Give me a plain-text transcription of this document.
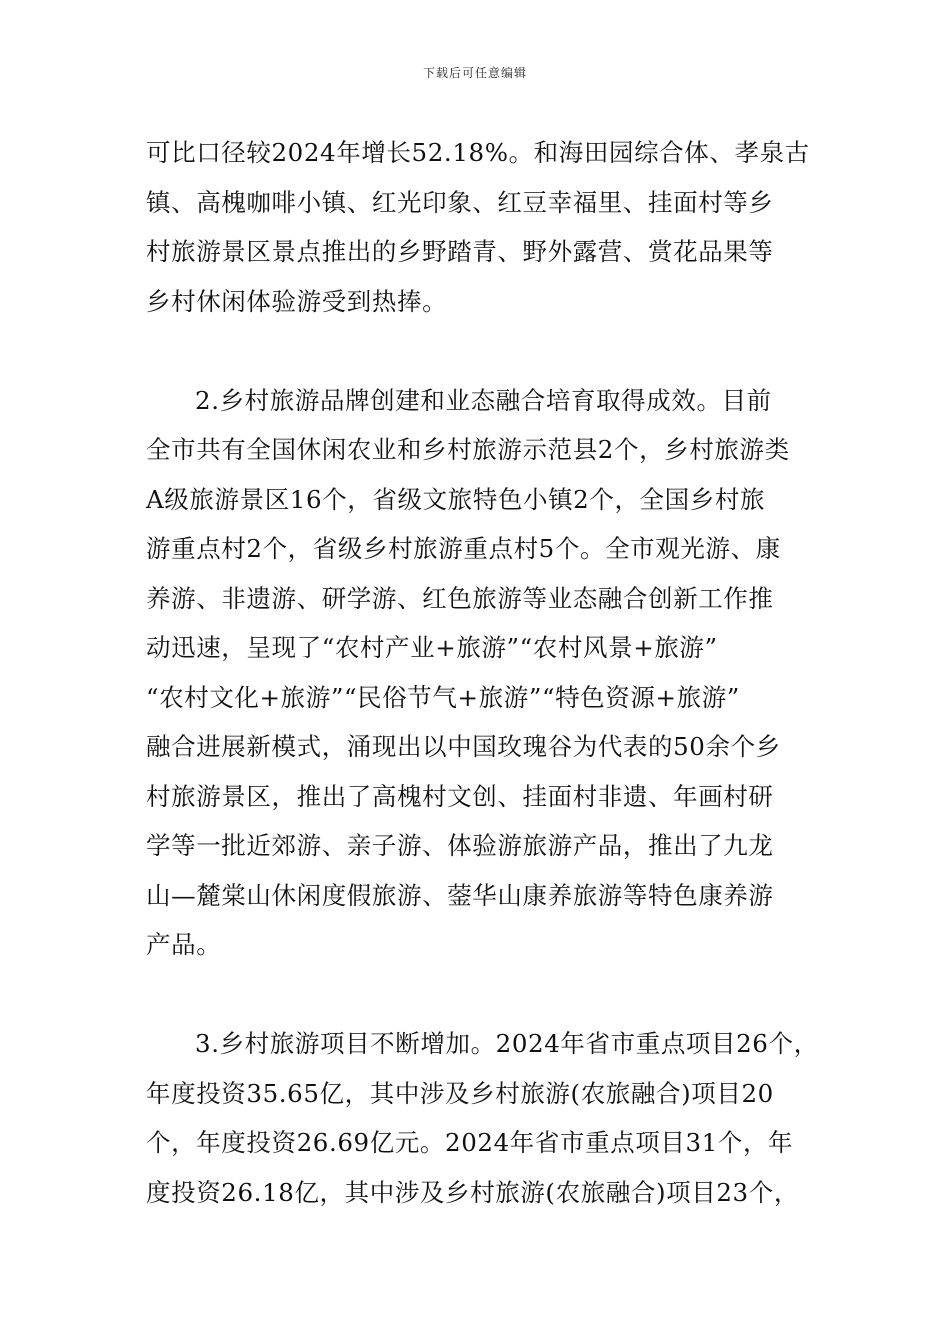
下载后可任意编辑
可比口径较2024年增长52.18%。和海田园综合体、孝泉古
镇、高槐咖啡小镇、红光印象、红豆幸福里、挂面村等乡
村旅游景区景点推出的乡野踏青、野外露营、赏花品果等
乡村休闲体验游受到热捧。
2.乡村旅游品牌创建和业态融合培育取得成效。目前
全市共有全国休闲农业和乡村旅游示范县2个，乡村旅游类
A级旅游景区16个，省级文旅特色小镇2个，全国乡村旅
游重点村2个，省级乡村旅游重点村5个。全市观光游、康
养游、非遗游、研学游、红色旅游等业态融合创新工作推
动迅速，呈现了“农村产业+旅游”“农村风景+旅游”
“农村文化+旅游”“民俗节气+旅游”“特色资源+旅游”
融合进展新模式，涌现出以中国玫瑰谷为代表的50余个乡
村旅游景区，推出了高槐村文创、挂面村非遗、年画村研
学等一批近郊游、亲子游、体验游旅游产品，推出了九龙
山—麓棠山休闲度假旅游、蓥华山康养旅游等特色康养游
产品。
3.乡村旅游项目不断增加。2024年省市重点项目26个，
年度投资35.65亿，其中涉及乡村旅游(农旅融合)项目20
个，年度投资26.69亿元。2024年省市重点项目31个，年
度投资26.18亿，其中涉及乡村旅游(农旅融合)项目23个，
